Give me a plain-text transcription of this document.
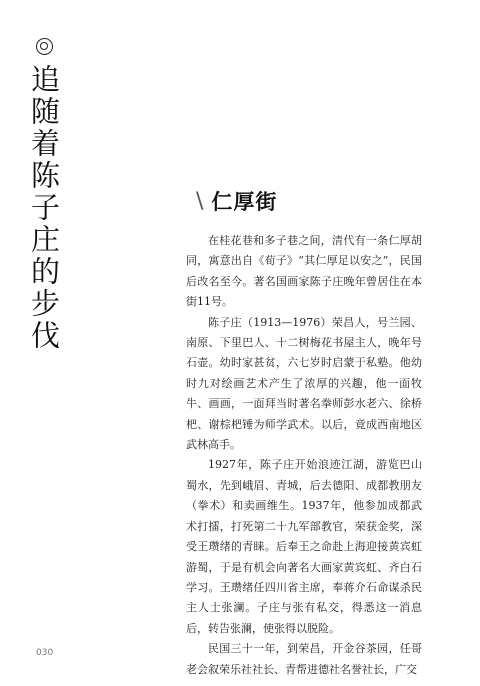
追随着陈子庄的步伐	\ 仁厚街

在桂花巷和多子巷之间，清代有一条仁厚胡同，寓意出自《荀子》“其仁厚足以安之”，民国后改名至今。著名国画家陈子庄晚年曾居住在本街11号。

陈子庄（1913—1976）荣昌人，号兰园、南原、下里巴人、十二树梅花书屋主人，晚年号石壶。幼时家甚贫，六七岁时启蒙于私塾。他幼时九对绘画艺术产生了浓厚的兴趣，他一面牧牛、画画，一面拜当时著名拳师彭水老六、徐桥杷、谢棕杷锤为师学武术。以后，竟成西南地区武林高手。

1927年，陈子庄开始浪迹江湖，游览巴山蜀水，先到峨眉、青城，后去德阳、成都教朋友（拳术）和卖画维生。1937年，他参加成都武术打擂，打死第二十九军部教官，荣获金奖，深受王瓒绪的青睐。后奉王之命赴上海迎接黄宾虹游蜀，于是有机会向著名大画家黄宾虹、齐白石学习。王瓒绪任四川省主席，奉蒋介石命谋杀民主人士张澜。子庄与张有私交，得悉这一消息后，转告张澜，使张得以脱险。

民国三十一年，到荣昌，开金谷茶园，任哥老会叙荣乐社社长、青帮进德社名誉社长，广交

030
